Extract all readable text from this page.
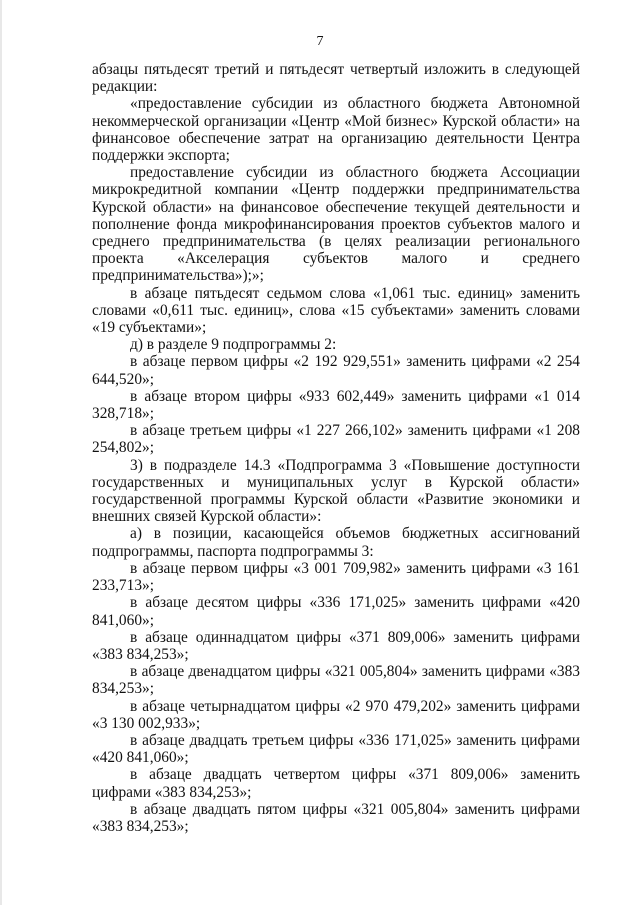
7

абзацы пятьдесят третий и пятьдесят четвертый изложить в следующей редакции:

«предоставление субсидии из областного бюджета Автономной некоммерческой организации «Центр «Мой бизнес» Курской области» на финансовое обеспечение затрат на организацию деятельности Центра поддержки экспорта;

предоставление субсидии из областного бюджета Ассоциации микрокредитной компании «Центр поддержки предпринимательства Курской области» на финансовое обеспечение текущей деятельности и пополнение фонда микрофинансирования проектов субъектов малого и среднего предпринимательства (в целях реализации регионального проекта «Акселерация субъектов малого и среднего предпринимательства»);»;

в абзаце пятьдесят седьмом слова «1,061 тыс. единиц» заменить словами «0,611 тыс. единиц», слова «15 субъектами» заменить словами «19 субъектами»;

д) в разделе 9 подпрограммы 2:

в абзаце первом цифры «2 192 929,551» заменить цифрами «2 254 644,520»;

в абзаце втором цифры «933 602,449» заменить цифрами «1 014 328,718»;

в абзаце третьем цифры «1 227 266,102» заменить цифрами «1 208 254,802»;

3) в подразделе 14.3 «Подпрограмма 3 «Повышение доступности государственных и муниципальных услуг в Курской области» государственной программы Курской области «Развитие экономики и внешних связей Курской области»:

а) в позиции, касающейся объемов бюджетных ассигнований подпрограммы, паспорта подпрограммы 3:

в абзаце первом цифры «3 001 709,982» заменить цифрами «3 161 233,713»;

в абзаце десятом цифры «336 171,025» заменить цифрами «420 841,060»;

в абзаце одиннадцатом цифры «371 809,006» заменить цифрами «383 834,253»;

в абзаце двенадцатом цифры «321 005,804» заменить цифрами «383 834,253»;

в абзаце четырнадцатом цифры «2 970 479,202» заменить цифрами «3 130 002,933»;

в абзаце двадцать третьем цифры «336 171,025» заменить цифрами «420 841,060»;

в абзаце двадцать четвертом цифры «371 809,006» заменить цифрами «383 834,253»;

в абзаце двадцать пятом цифры «321 005,804» заменить цифрами «383 834,253»;
